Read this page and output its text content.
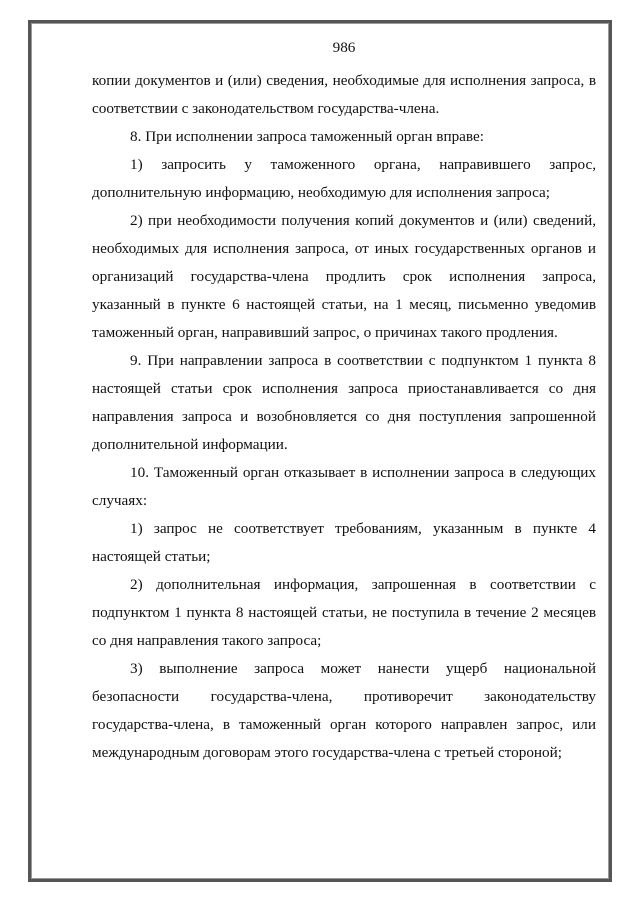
986

копии документов и (или) сведения, необходимые для исполнения запроса, в соответствии с законодательством государства-члена.

8. При исполнении запроса таможенный орган вправе:

1) запросить у таможенного органа, направившего запрос, дополнительную информацию, необходимую для исполнения запроса;

2) при необходимости получения копий документов и (или) сведений, необходимых для исполнения запроса, от иных государственных органов и организаций государства-члена продлить срок исполнения запроса, указанный в пункте 6 настоящей статьи, на 1 месяц, письменно уведомив таможенный орган, направивший запрос, о причинах такого продления.

9. При направлении запроса в соответствии с подпунктом 1 пункта 8 настоящей статьи срок исполнения запроса приостанавливается со дня направления запроса и возобновляется со дня поступления запрошенной дополнительной информации.

10. Таможенный орган отказывает в исполнении запроса в следующих случаях:

1) запрос не соответствует требованиям, указанным в пункте 4 настоящей статьи;

2) дополнительная информация, запрошенная в соответствии с подпунктом 1 пункта 8 настоящей статьи, не поступила в течение 2 месяцев со дня направления такого запроса;

3) выполнение запроса может нанести ущерб национальной безопасности государства-члена, противоречит законодательству государства-члена, в таможенный орган которого направлен запрос, или международным договорам этого государства-члена с третьей стороной;
